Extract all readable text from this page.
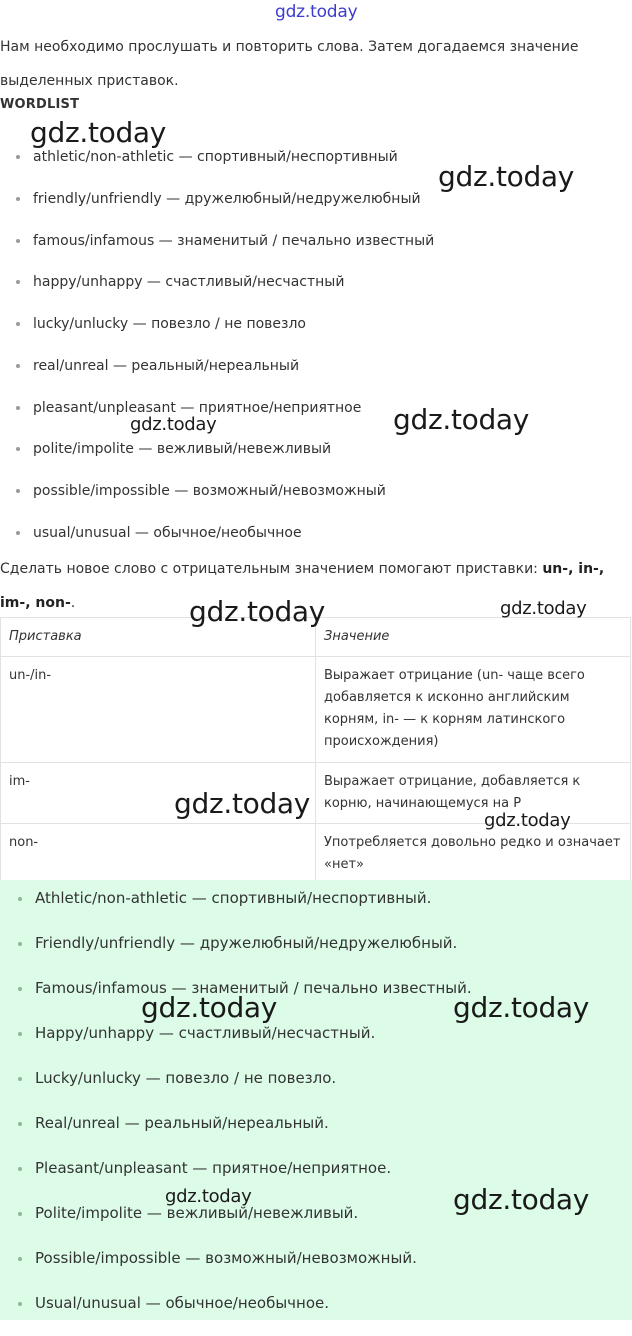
gdz.today
Нам необходимо прослушать и повторить слова. Затем догадаемся значение выделенных приставок.
WORDLIST
athletic/non-athletic — спортивный/неспортивный
friendly/unfriendly — дружелюбный/недружелюбный
famous/infamous — знаменитый / печально известный
happy/unhappy — счастливый/несчастный
lucky/unlucky — повезло / не повезло
real/unreal — реальный/нереальный
pleasant/unpleasant — приятное/неприятное
polite/impolite — вежливый/невежливый
possible/impossible — возможный/невозможный
usual/unusual — обычное/необычное
Сделать новое слово с отрицательным значением помогают приставки: un-, in-, im-, non-.
Приставка	Значение
un-/in-	Выражает отрицание (un- чаще всего добавляется к исконно английским корням, in- — к корням латинского происхождения)
im-	Выражает отрицание, добавляется к корню, начинающемуся на P
non-	Употребляется довольно редко и означает «нет»
Athletic/non-athletic — спортивный/неспортивный.
Friendly/unfriendly — дружелюбный/недружелюбный.
Famous/infamous — знаменитый / печально известный.
Happy/unhappy — счастливый/несчастный.
Lucky/unlucky — повезло / не повезло.
Real/unreal — реальный/нереальный.
Pleasant/unpleasant — приятное/неприятное.
Polite/impolite — вежливый/невежливый.
Possible/impossible — возможный/невозможный.
Usual/unusual — обычное/необычное.
gdz.today
gdz.today
gdz.today	gdz.today
gdz.today	gdz.today
gdz.today
gdz.today
gdz.today	gdz.today
gdz.today	gdz.today
